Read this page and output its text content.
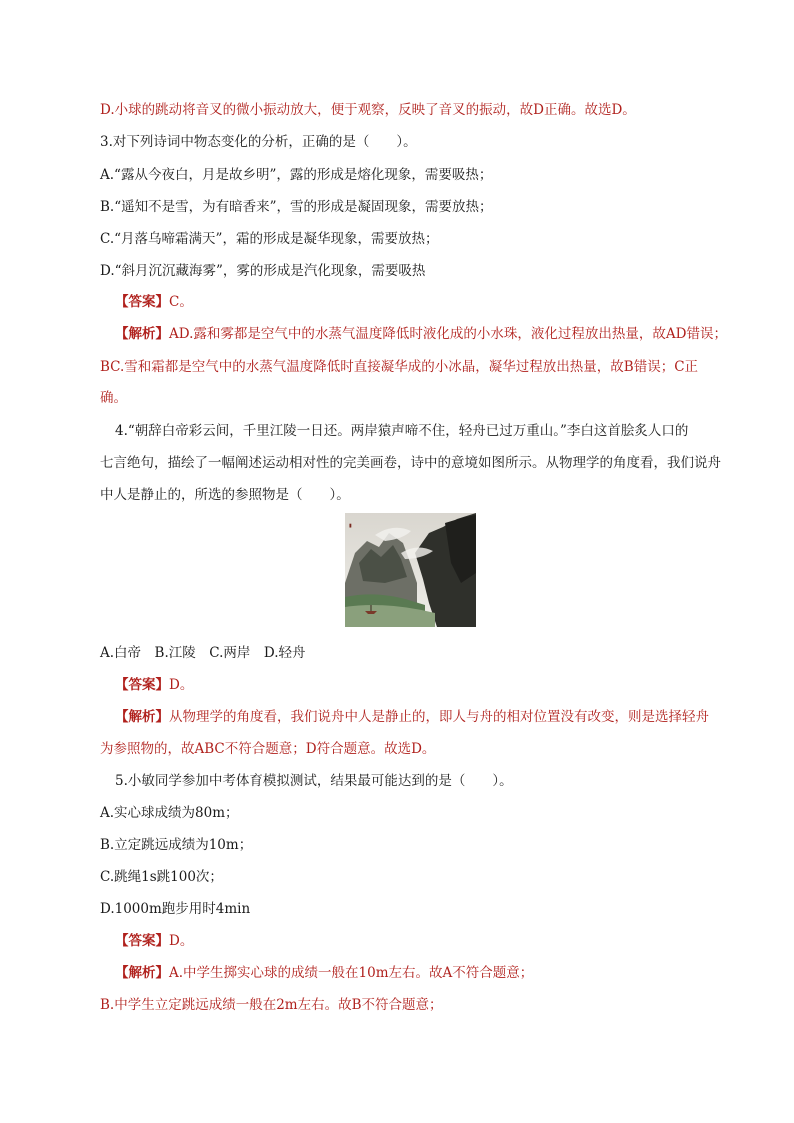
D.小球的跳动将音叉的微小振动放大，便于观察，反映了音叉的振动，故D正确。故选D。
3.对下列诗词中物态变化的分析，正确的是（　　）。
A.“露从今夜白，月是故乡明”，露的形成是熔化现象，需要吸热；
B.“遥知不是雪，为有暗香来”，雪的形成是凝固现象，需要放热；
C.“月落乌啼霜满天”，霜的形成是凝华现象，需要放热；
D.“斜月沉沉藏海雾”，雾的形成是汽化现象，需要吸热
【答案】C。
【解析】AD.露和雾都是空气中的水蒸气温度降低时液化成的小水珠，液化过程放出热量，故AD错误；
BC.雪和霜都是空气中的水蒸气温度降低时直接凝华成的小冰晶，凝华过程放出热量，故B错误；C正
确。
4.“朝辞白帝彩云间，千里江陵一日还。两岸猿声啼不住，轻舟已过万重山。”李白这首脍炙人口的
七言绝句，描绘了一幅阐述运动相对性的完美画卷，诗中的意境如图所示。从物理学的角度看，我们说舟
中人是静止的，所选的参照物是（　　）。
▮
A.白帝　B.江陵　C.两岸　D.轻舟
【答案】D。
【解析】从物理学的角度看，我们说舟中人是静止的，即人与舟的相对位置没有改变，则是选择轻舟
为参照物的，故ABC不符合题意；D符合题意。故选D。
5.小敏同学参加中考体育模拟测试，结果最可能达到的是（　　）。
A.实心球成绩为80m；
B.立定跳远成绩为10m；
C.跳绳1s跳100次；
D.1000m跑步用时4min
【答案】D。
【解析】A.中学生掷实心球的成绩一般在10m左右。故A不符合题意；
B.中学生立定跳远成绩一般在2m左右。故B不符合题意；
